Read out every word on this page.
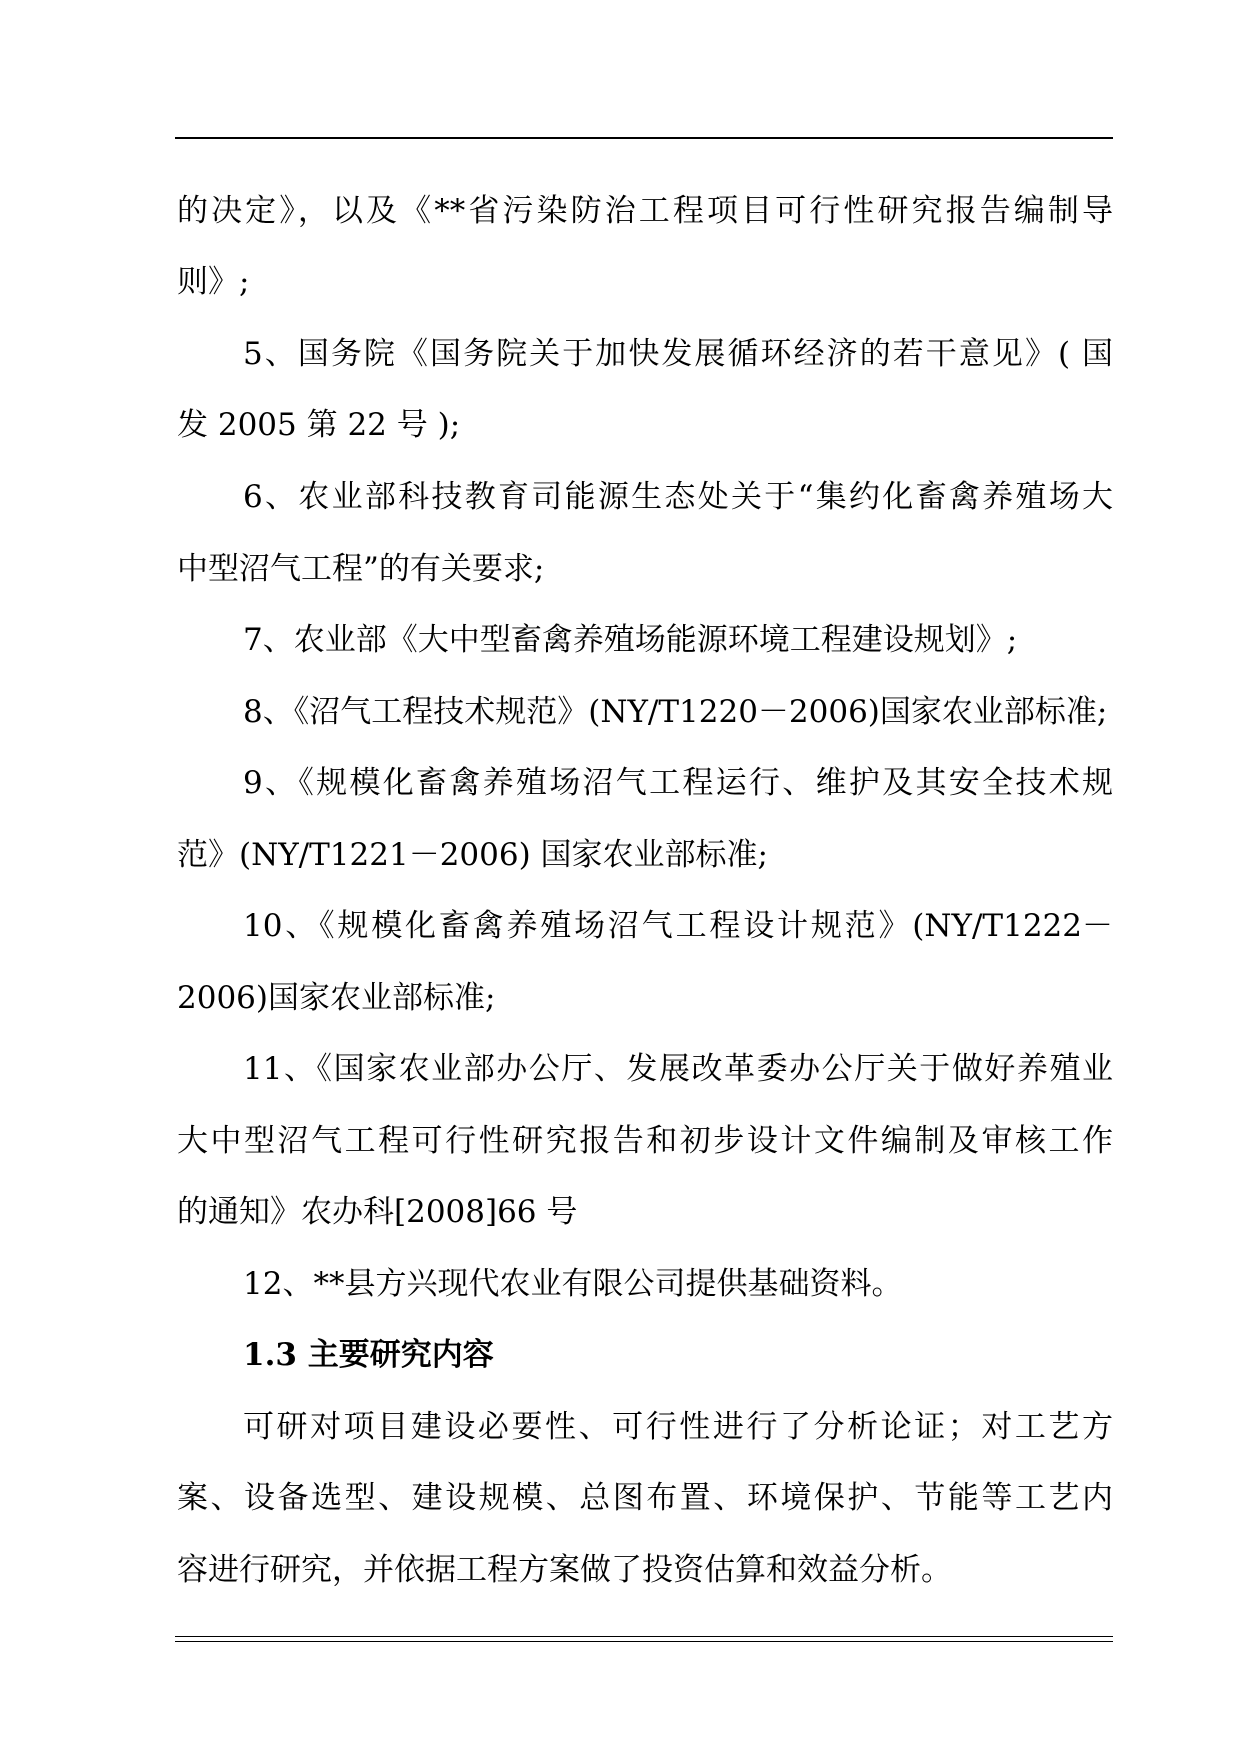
的决定》，以及《**省污染防治工程项目可行性研究报告编制导
则》;
5、国务院《国务院关于加快发展循环经济的若干意见》( 国
发 2005 第 22 号 );
6、农业部科技教育司能源生态处关于“集约化畜禽养殖场大
中型沼气工程”的有关要求;
7、农业部《大中型畜禽养殖场能源环境工程建设规划》;
8、《沼气工程技术规范》(NY/T1220－2006)国家农业部标准;
9、《规模化畜禽养殖场沼气工程运行、维护及其安全技术规
范》(NY/T1221－2006) 国家农业部标准;
10、《规模化畜禽养殖场沼气工程设计规范》(NY/T1222－
2006)国家农业部标准;
11、《国家农业部办公厅、发展改革委办公厅关于做好养殖业
大中型沼气工程可行性研究报告和初步设计文件编制及审核工作
的通知》农办科[2008]66 号
12、**县方兴现代农业有限公司提供基础资料。
1.3 主要研究内容
可研对项目建设必要性、可行性进行了分析论证；对工艺方
案、设备选型、建设规模、总图布置、环境保护、节能等工艺内
容进行研究，并依据工程方案做了投资估算和效益分析。
